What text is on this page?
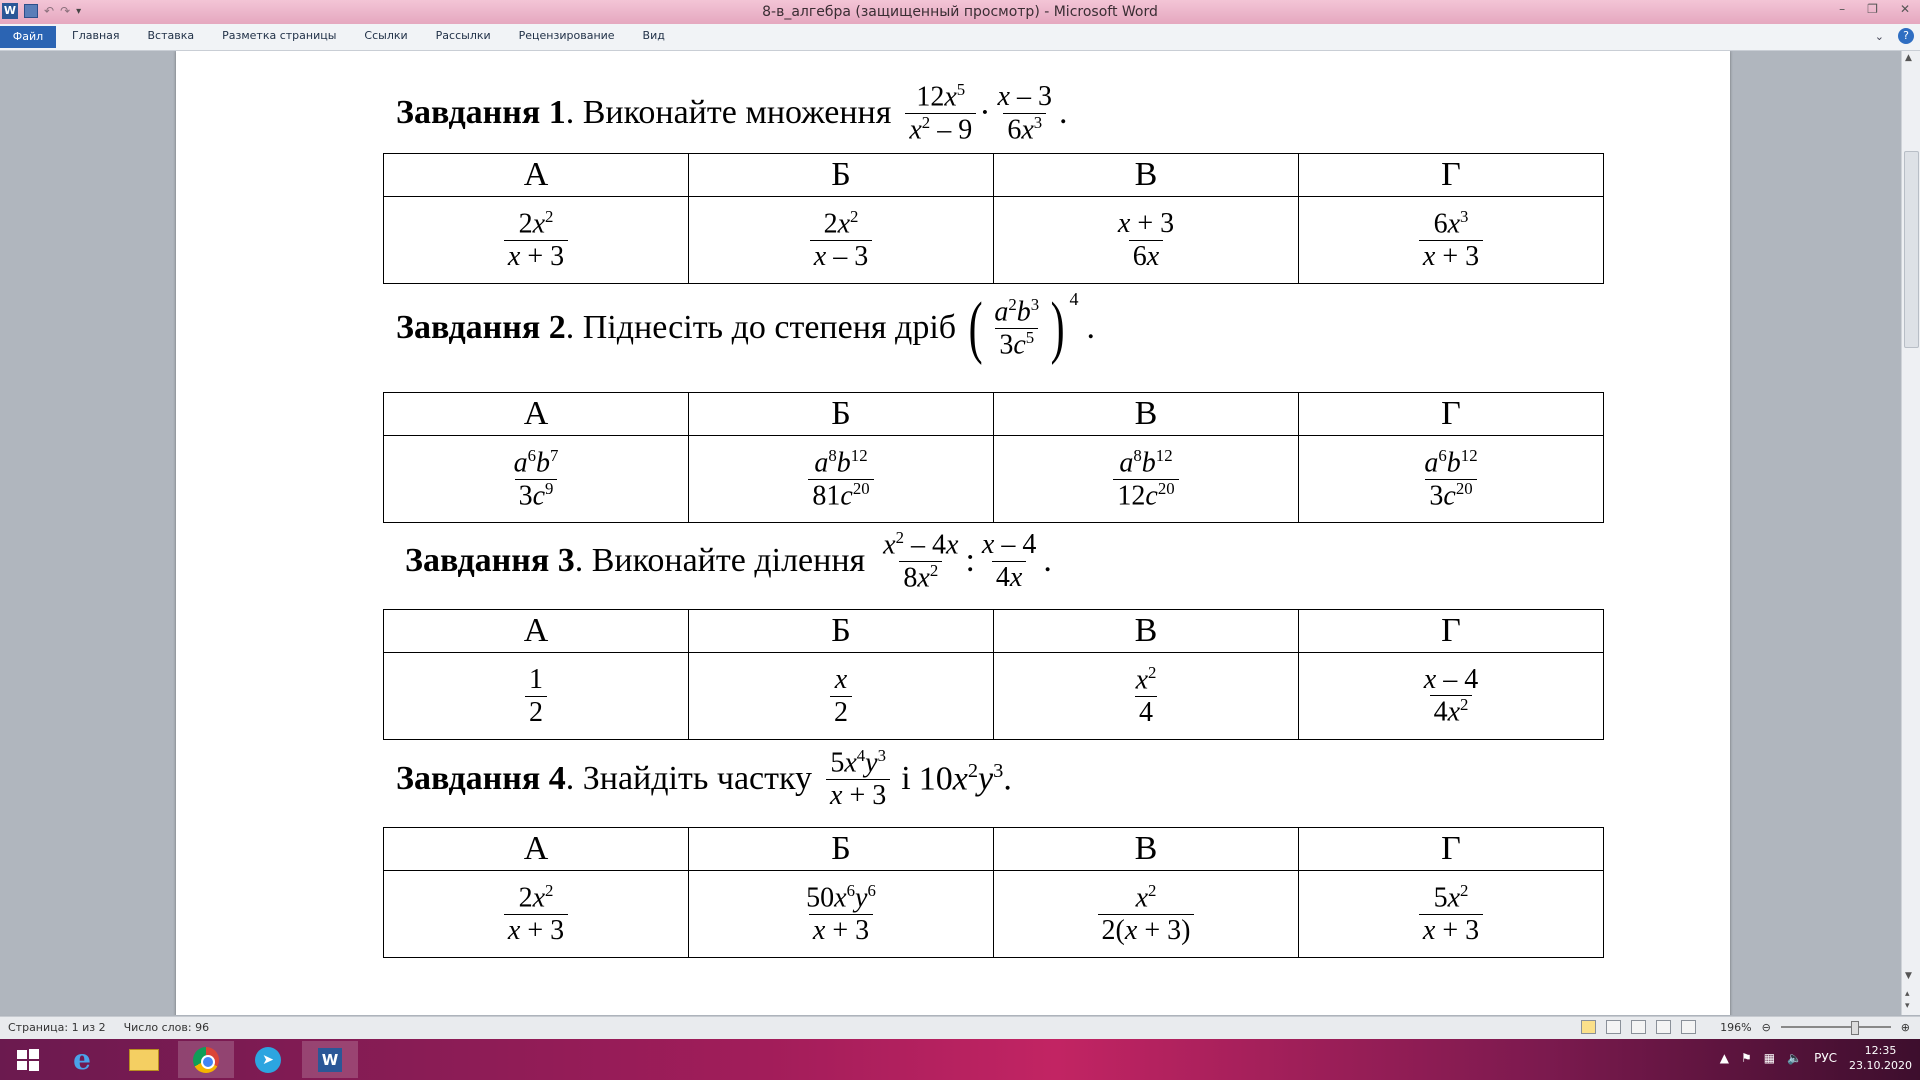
W ↶ ↷ ▾	8-в_алгебра (защищенный просмотр) - Microsoft Word	– ❐ ✕
Файл	Главная	Вставка	Разметка страницы	Ссылки	Рассылки	Рецензирование	Вид	⌄	?
Завдання 1 . Виконайте множення $\frac{12x^5}{x^2 - 9} \cdot \frac{x - 3}{6x^3}$ .
А	Б	В	Г

$\frac{2x^2}{x + 3}$	$\frac{2x^2}{x - 3}$	$\frac{x + 3}{6x}$	$\frac{6x^3}{x + 3}$
Завдання 2 . Піднесіть до степеня дріб ( $\frac{a^2b^3}{3c^5}$ ) $^4$
.
А	Б	В	Г

$\frac{a^6b^7}{3c^9}$	$\frac{a^8b^{12}}{81c^{20}}$	$\frac{a^8b^{12}}{12c^{20}}$	$\frac{a^6b^{12}}{3c^{20}}$
Завдання 3 . Виконайте ділення $\frac{x^2 - 4x}{8x^2}$ : $\frac{x - 4}{4x}$ .
А	Б	В	Г

$\frac{1}{2}$	$\frac{x}{2}$	$\frac{x^2}{4}$	$\frac{x - 4}{4x^2}$
Завдання 4 . Знайдіть частку $\frac{5x^4y^3}{x + 3}$ і $10x^2y^3$.
А	Б	В	Г

$\frac{2x^2}{x + 3}$	$\frac{50x^6y^6}{x + 3}$	$\frac{x^2}{2(x + 3)}$	$\frac{5x^2}{x + 3}$
▲
▼
▴
▾
Страница: 1 из 2 Число слов: 96	196% ⊖	⊕
e	➤	W	▲ ⚑ ▦ 🔈 РУС
12:35
23.10.2020
